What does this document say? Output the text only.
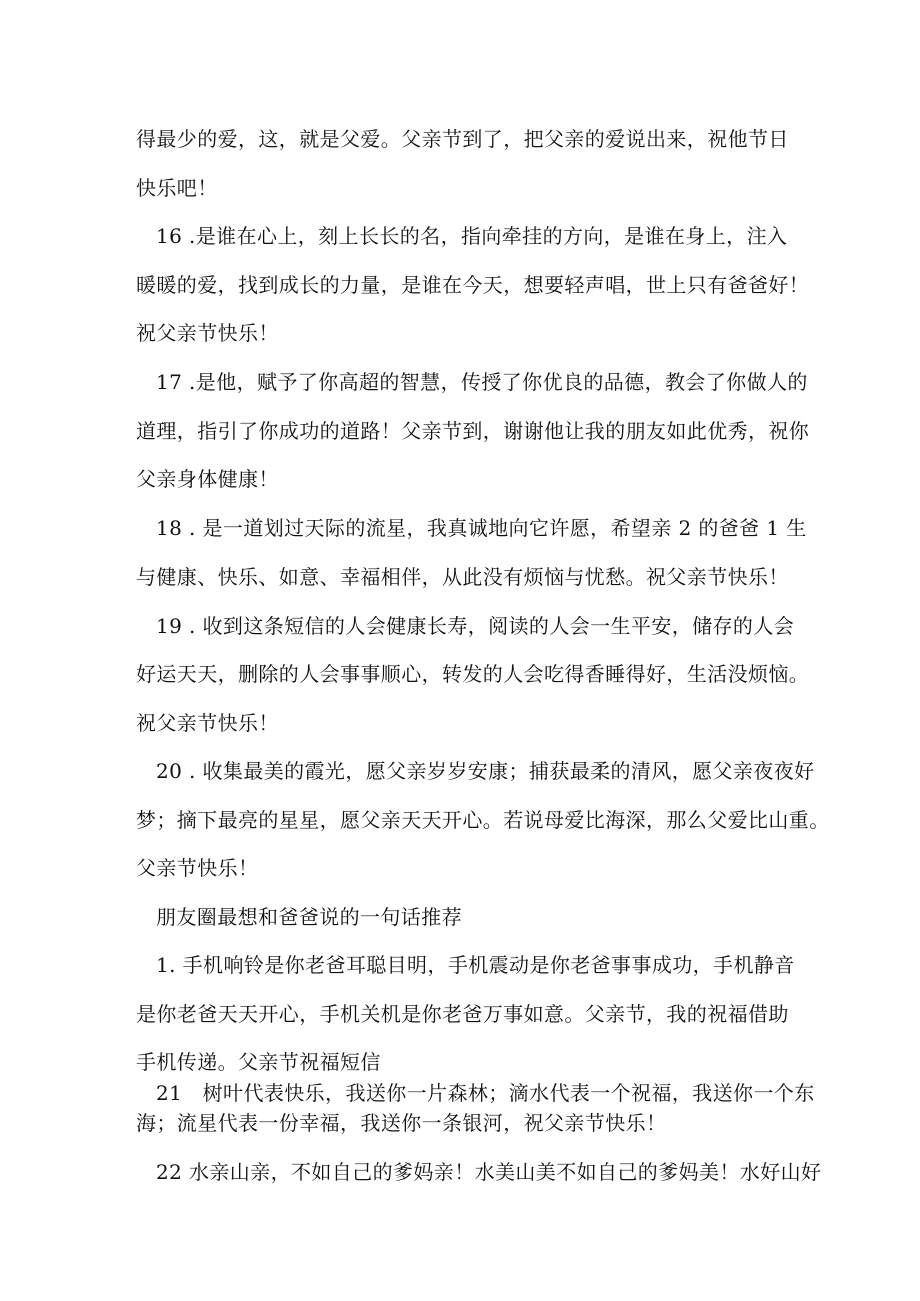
得最少的爱，这，就是父爱。父亲节到了，把父亲的爱说出来，祝他节日
快乐吧！
16 .是谁在心上，刻上长长的名，指向牵挂的方向，是谁在身上，注入
暖暖的爱，找到成长的力量，是谁在今天，想要轻声唱，世上只有爸爸好！
祝父亲节快乐！
17 .是他，赋予了你高超的智慧，传授了你优良的品德，教会了你做人的
道理，指引了你成功的道路！父亲节到，谢谢他让我的朋友如此优秀，祝你
父亲身体健康！
18 . 是一道划过天际的流星，我真诚地向它许愿，希望亲 2 的爸爸 1 生
与健康、快乐、如意、幸福相伴，从此没有烦恼与忧愁。祝父亲节快乐！
19 . 收到这条短信的人会健康长寿，阅读的人会一生平安，储存的人会
好运天天，删除的人会事事顺心，转发的人会吃得香睡得好，生活没烦恼。
祝父亲节快乐！
20 . 收集最美的霞光，愿父亲岁岁安康；捕获最柔的清风，愿父亲夜夜好
梦；摘下最亮的星星，愿父亲天天开心。若说母爱比海深，那么父爱比山重。
父亲节快乐！
朋友圈最想和爸爸说的一句话推荐
1. 手机响铃是你老爸耳聪目明，手机震动是你老爸事事成功，手机静音
是你老爸天天开心，手机关机是你老爸万事如意。父亲节，我的祝福借助
手机传递。父亲节祝福短信
21　树叶代表快乐，我送你一片森林；滴水代表一个祝福，我送你一个东
海；流星代表一份幸福，我送你一条银河，祝父亲节快乐！
22 水亲山亲，不如自己的爹妈亲！水美山美不如自己的爹妈美！水好山好
